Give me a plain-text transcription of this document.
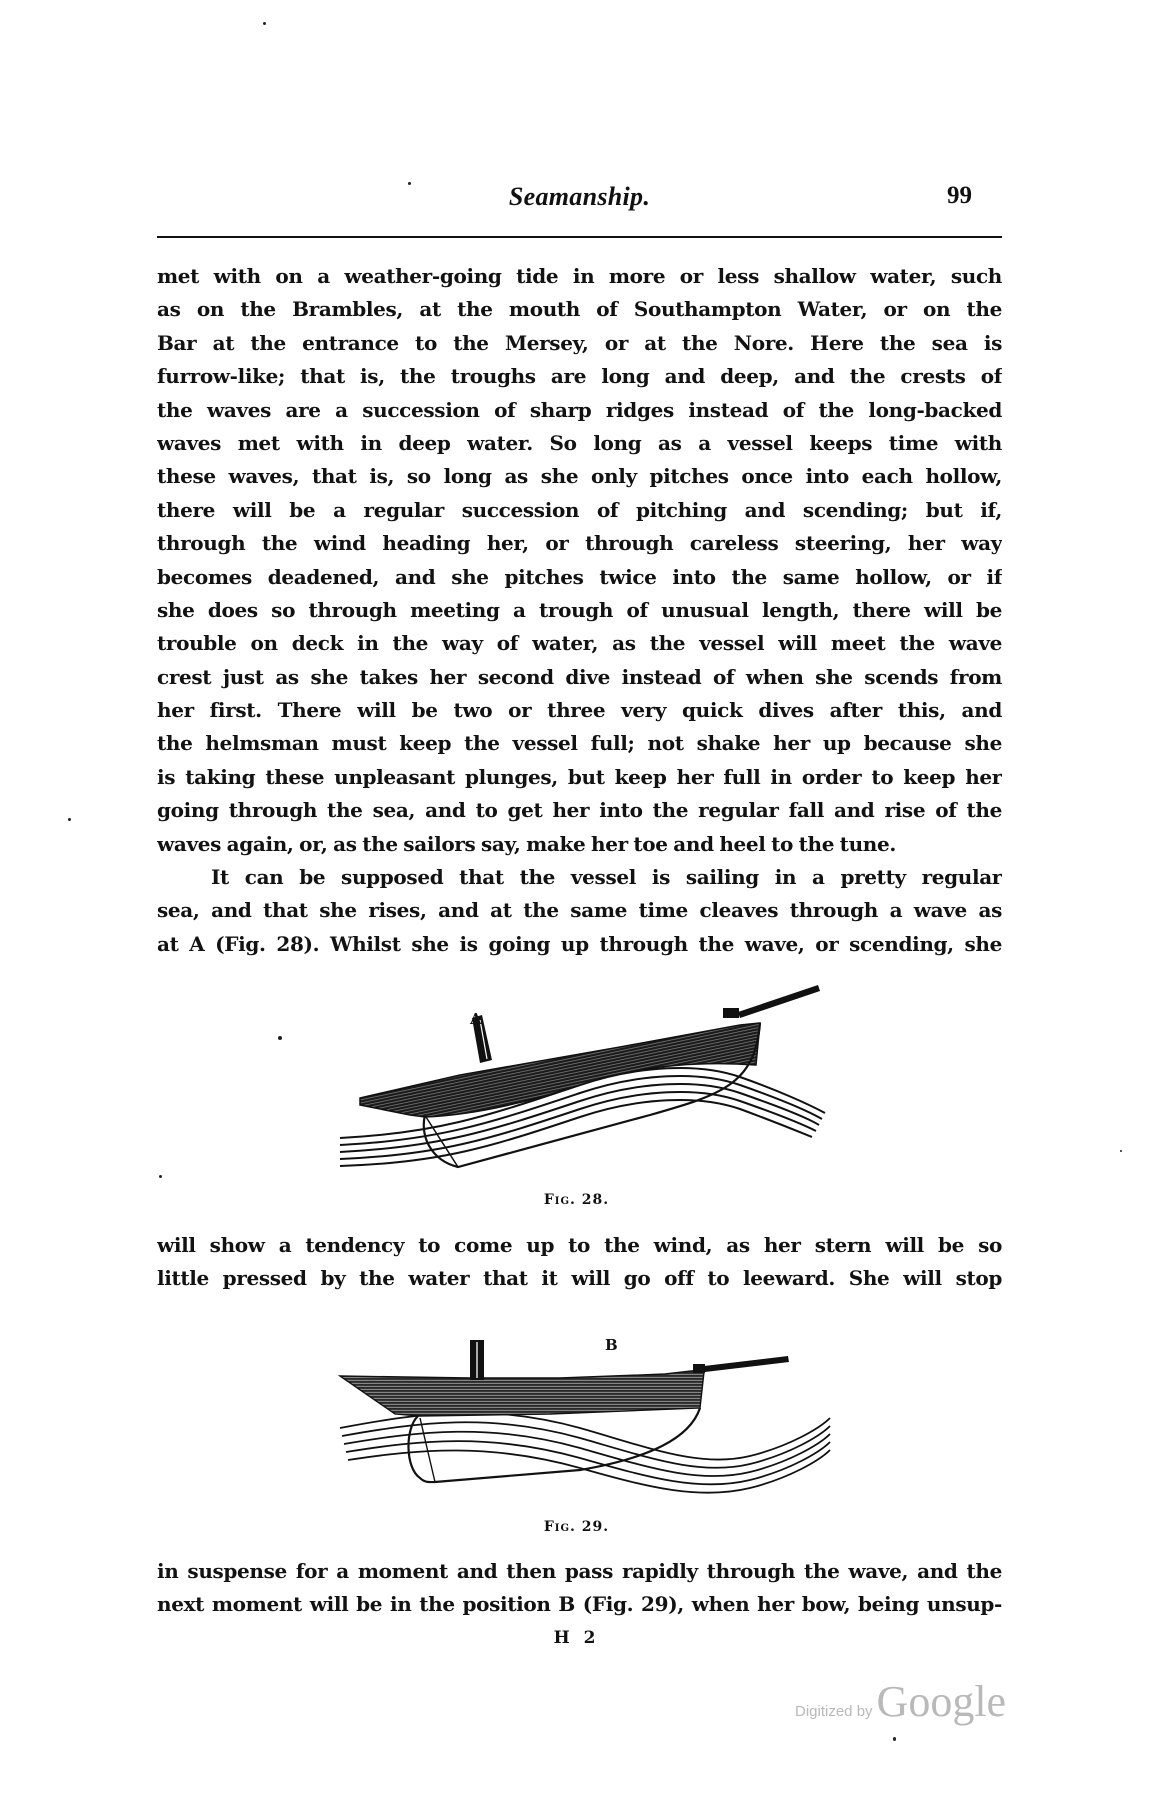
Seamanship.	99
met with on a weather-going tide in more or less shallow water, such
as on the Brambles, at the mouth of Southampton Water, or on the
Bar at the entrance to the Mersey, or at the Nore. Here the sea is
furrow-like; that is, the troughs are long and deep, and the crests of
the waves are a succession of sharp ridges instead of the long-backed
waves met with in deep water. So long as a vessel keeps time with
these waves, that is, so long as she only pitches once into each hollow,
there will be a regular succession of pitching and scending; but if,
through the wind heading her, or through careless steering, her way
becomes deadened, and she pitches twice into the same hollow, or if
she does so through meeting a trough of unusual length, there will be
trouble on deck in the way of water, as the vessel will meet the wave
crest just as she takes her second dive instead of when she scends from
her first. There will be two or three very quick dives after this, and
the helmsman must keep the vessel full; not shake her up because she
is taking these unpleasant plunges, but keep her full in order to keep her
going through the sea, and to get her into the regular fall and rise of the
waves again, or, as the sailors say, make her toe and heel to the tune.
It can be supposed that the vessel is sailing in a pretty regular
sea, and that she rises, and at the same time cleaves through a wave as
at A (Fig. 28). Whilst she is going up through the wave, or scending, she
A
Fig. 28.
will show a tendency to come up to the wind, as her stern will be so
little pressed by the water that it will go off to leeward. She will stop
B
Fig. 29.
in suspense for a moment and then pass rapidly through the wave, and the
next moment will be in the position B (Fig. 29), when her bow, being unsup-
H 2
Digitized by Google
